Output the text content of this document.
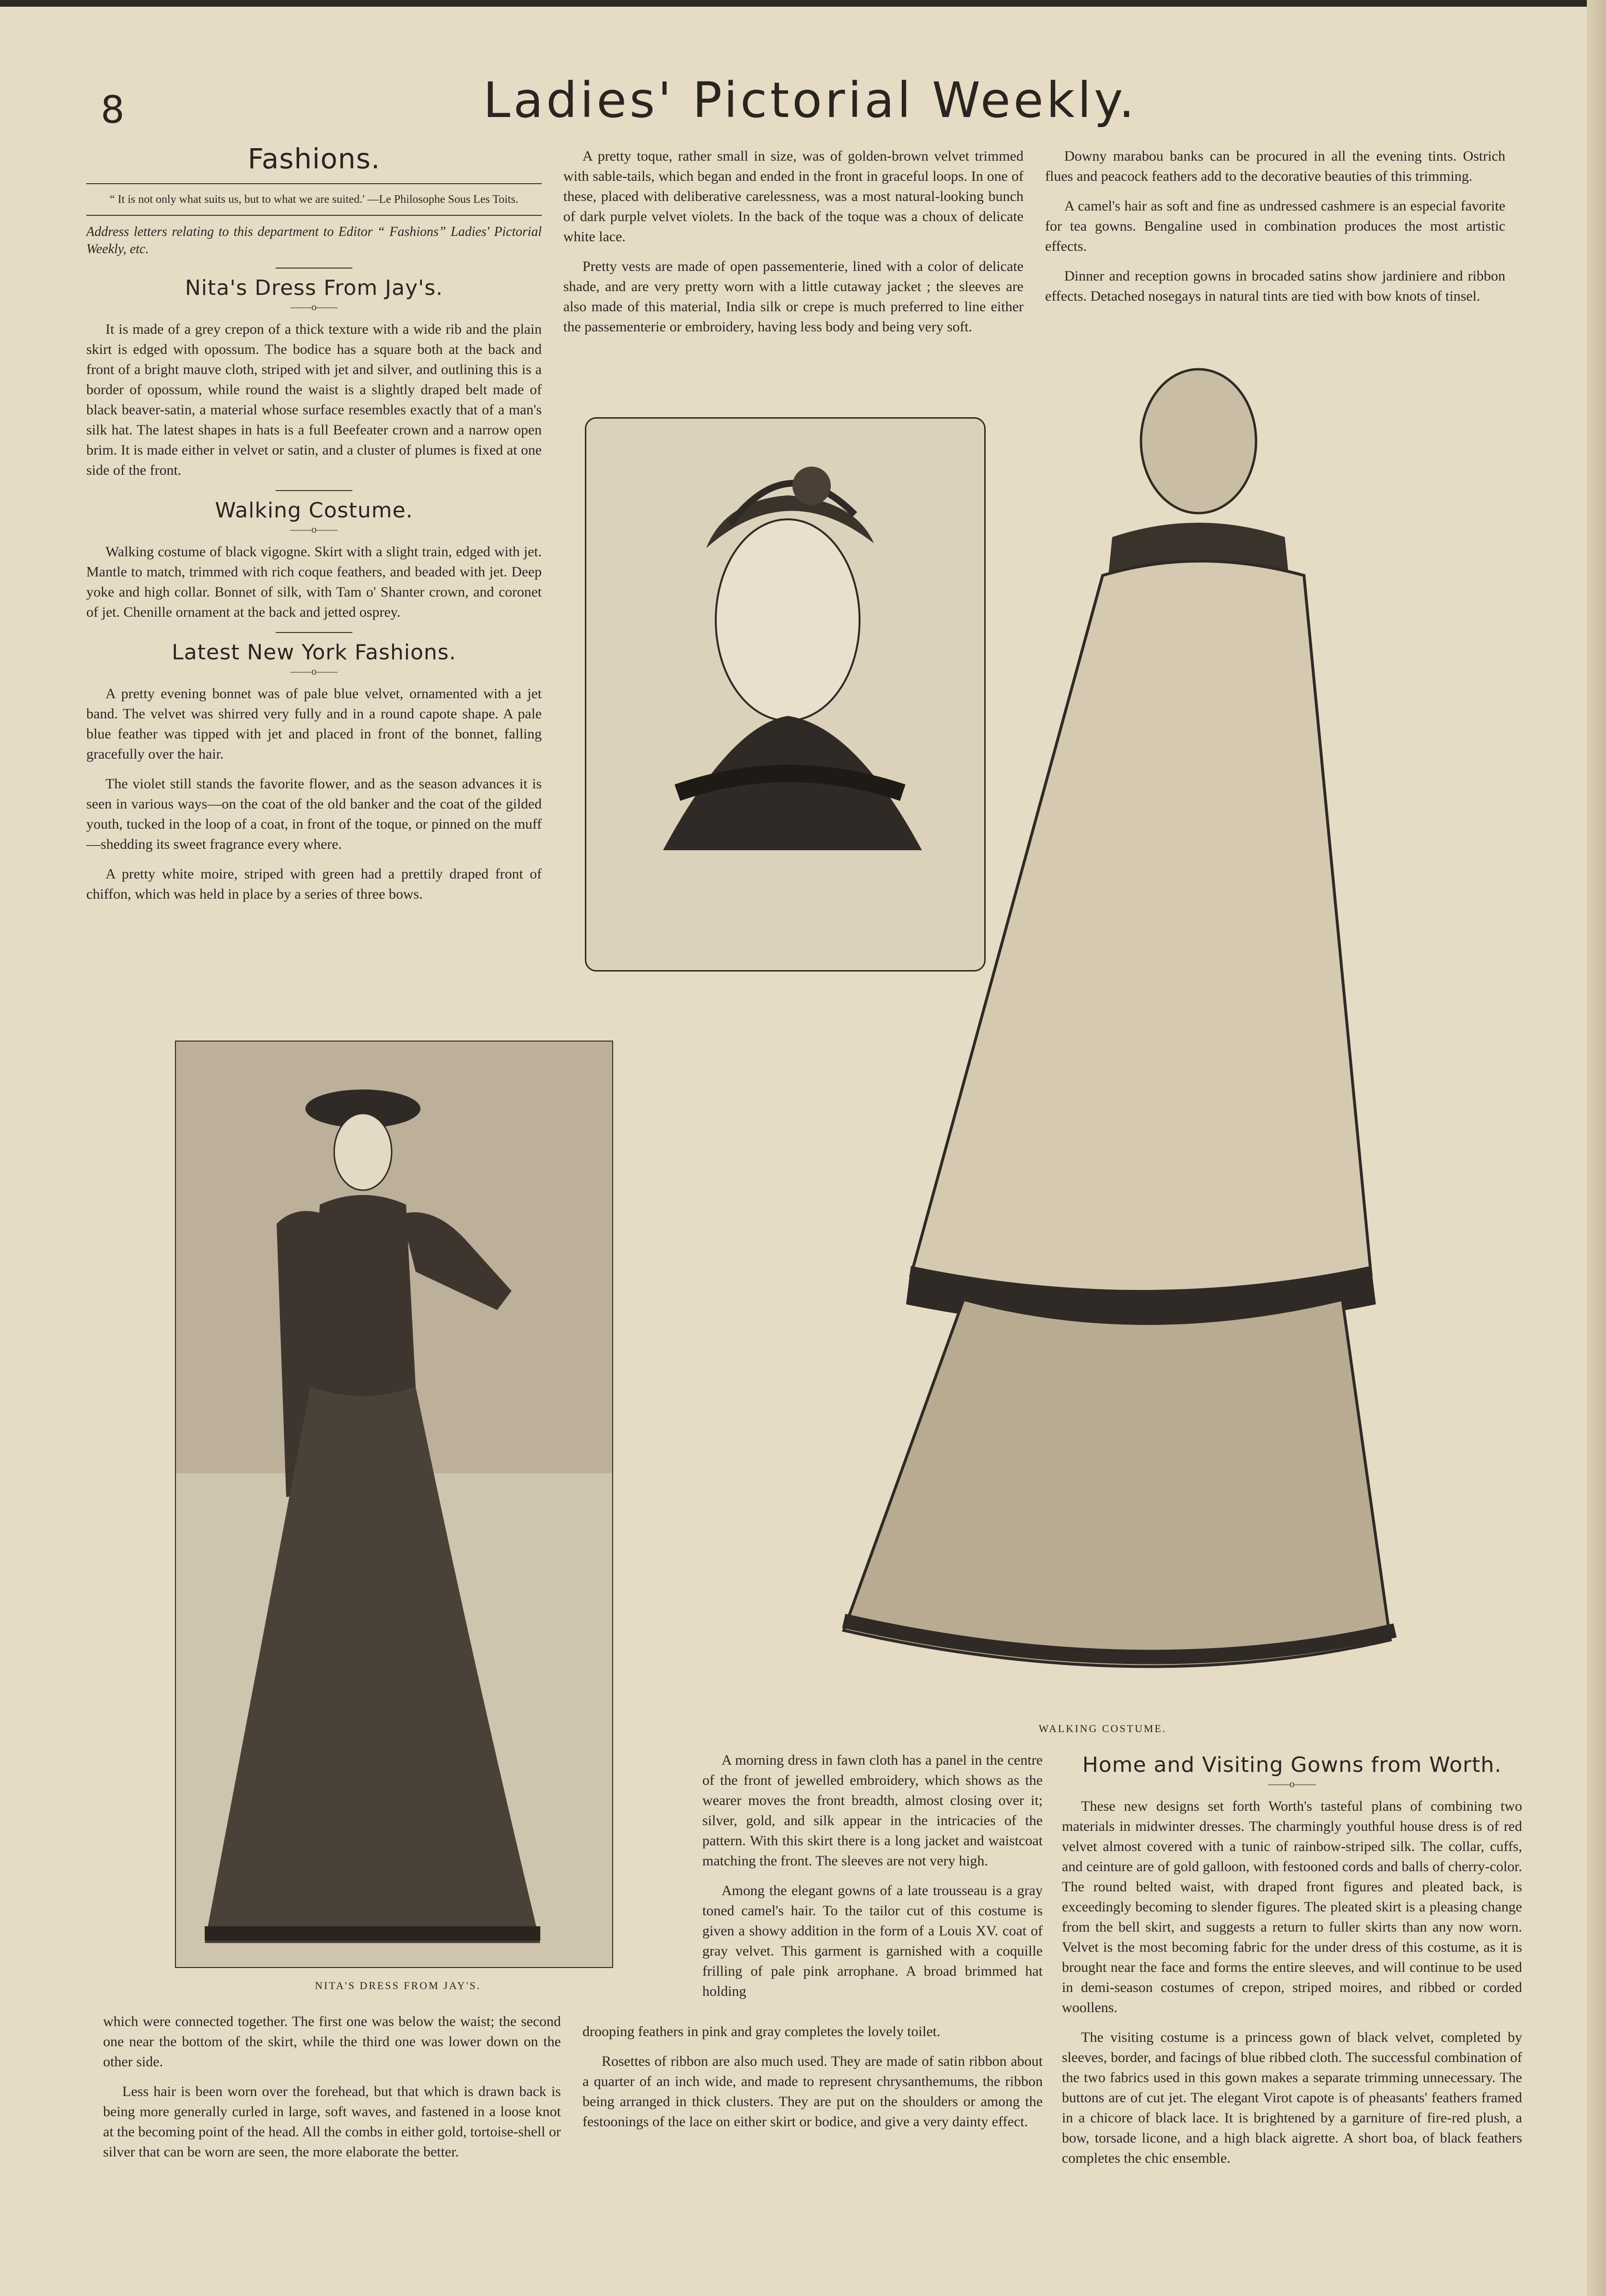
8	Ladies' Pictorial Weekly.
Fashions.
“ It is not only what suits us, but to what we are suited.' —Le Philosophe Sous Les Toits.
Address letters relating to this department to Editor “ Fashions” Ladies' Pictorial Weekly, etc.
Nita's Dress From Jay's.
——o——

It is made of a grey crepon of a thick texture with a wide rib and the plain skirt is edged with opossum. The bodice has a square both at the back and front of a bright mauve cloth, striped with jet and silver, and outlining this is a border of opossum, while round the waist is a slightly draped belt made of black beaver-satin, a material whose surface resembles exactly that of a man's silk hat. The latest shapes in hats is a full Beefeater crown and a narrow open brim. It is made either in velvet or satin, and a cluster of plumes is fixed at one side of the front.

Walking Costume.
——o——

Walking costume of black vigogne. Skirt with a slight train, edged with jet. Mantle to match, trimmed with rich coque feathers, and beaded with jet. Deep yoke and high collar. Bonnet of silk, with Tam o' Shanter crown, and coronet of jet. Chenille ornament at the back and jetted osprey.

Latest New York Fashions.
——o——

A pretty evening bonnet was of pale blue velvet, ornamented with a jet band. The velvet was shirred very fully and in a round capote shape. A pale blue feather was tipped with jet and placed in front of the bonnet, falling gracefully over the hair.

The violet still stands the favorite flower, and as the season advances it is seen in various ways—on the coat of the old banker and the coat of the gilded youth, tucked in the loop of a coat, in front of the toque, or pinned on the muff—shedding its sweet fragrance every where.

A pretty white moire, striped with green had a prettily draped front of chiffon, which was held in place by a series of three bows.

A pretty toque, rather small in size, was of golden-brown velvet trimmed with sable-tails, which began and ended in the front in graceful loops. In one of these, placed with deliberative carelessness, was a most natural-looking bunch of dark purple velvet violets. In the back of the toque was a choux of delicate white lace.

Pretty vests are made of open passementerie, lined with a color of delicate shade, and are very pretty worn with a little cutaway jacket ; the sleeves are also made of this material, India silk or crepe is much preferred to line either the passementerie or embroidery, having less body and being very soft.

Downy marabou banks can be procured in all the evening tints. Ostrich flues and peacock feathers add to the decorative beauties of this trimming.

A camel's hair as soft and fine as undressed cashmere is an especial favorite for tea gowns. Bengaline used in combination produces the most artistic effects.

Dinner and reception gowns in brocaded satins show jardiniere and ribbon effects. Detached nosegays in natural tints are tied with bow knots of tinsel.

WALKING COSTUME.
NITA'S DRESS FROM JAY'S.

which were connected together. The first one was below the waist; the second one near the bottom of the skirt, while the third one was lower down on the other side.

Less hair is been worn over the forehead, but that which is drawn back is being more generally curled in large, soft waves, and fastened in a loose knot at the becoming point of the head. All the combs in either gold, tortoise-shell or silver that can be worn are seen, the more elaborate the better.

A morning dress in fawn cloth has a panel in the centre of the front of jewelled embroidery, which shows as the wearer moves the front breadth, almost closing over it; silver, gold, and silk appear in the intricacies of the pattern. With this skirt there is a long jacket and waistcoat matching the front. The sleeves are not very high.

Among the elegant gowns of a late trousseau is a gray toned camel's hair. To the tailor cut of this costume is given a showy addition in the form of a Louis XV. coat of gray velvet. This garment is garnished with a coquille frilling of pale pink arrophane. A broad brimmed hat holding

drooping feathers in pink and gray completes the lovely toilet.

Rosettes of ribbon are also much used. They are made of satin ribbon about a quarter of an inch wide, and made to represent chrysanthemums, the ribbon being arranged in thick clusters. They are put on the shoulders or among the festoonings of the lace on either skirt or bodice, and give a very dainty effect.

Home and Visiting Gowns from Worth.
——o——

These new designs set forth Worth's tasteful plans of combining two materials in midwinter dresses. The charmingly youthful house dress is of red velvet almost covered with a tunic of rainbow-striped silk. The collar, cuffs, and ceinture are of gold galloon, with festooned cords and balls of cherry-color. The round belted waist, with draped front figures and pleated back, is exceedingly becoming to slender figures. The pleated skirt is a pleasing change from the bell skirt, and suggests a return to fuller skirts than any now worn. Velvet is the most becoming fabric for the under dress of this costume, as it is brought near the face and forms the entire sleeves, and will continue to be used in demi-season costumes of crepon, striped moires, and ribbed or corded woollens.

The visiting costume is a princess gown of black velvet, completed by sleeves, border, and facings of blue ribbed cloth. The successful combination of the two fabrics used in this gown makes a separate trimming unnecessary. The buttons are of cut jet. The elegant Virot capote is of pheasants' feathers framed in a chicore of black lace. It is brightened by a garniture of fire-red plush, a bow, torsade licone, and a high black aigrette. A short boa, of black feathers completes the chic ensemble.
